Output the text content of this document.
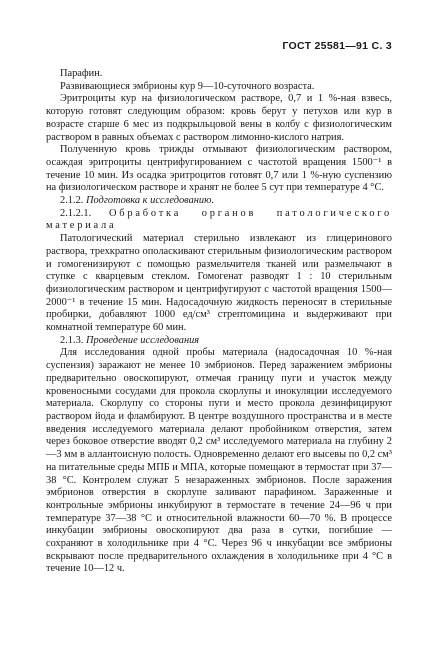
ГОСТ 25581—91 С. 3

Парафин.

Развивающиеся эмбрионы кур 9—10-суточного возраста.

Эритроциты кур на физиологическом растворе, 0,7 и 1 %-ная взвесь, которую готовят следующим образом: кровь берут у петухов или кур в возрасте старше 6 мес из подкрыльцовой вены в колбу с физиологическим раствором в равных объемах с раствором лимонно-кислого натрия.

Полученную кровь трижды отмывают физиологическим раствором, осаждая эритроциты центрифугированием с частотой вращения 1500⁻¹ в течение 10 мин. Из осадка эритроцитов готовят 0,7 или 1 %-ную суспензию на физиологическом растворе и хранят не более 5 сут при температуре 4 °С.

2.1.2. Подготовка к исследованию.

2.1.2.1. Обработка органов патологического материала

Патологический материал стерильно извлекают из глицеринового раствора, трехкратно ополаскивают стерильным физиологическим раствором и гомогенизируют с помощью размельчителя тканей или размельчают в ступке с кварцевым стеклом. Гомогенат разводят 1 : 10 стерильным физиологическим раствором и центрифугируют с частотой вращения 1500—2000⁻¹ в течение 15 мин. Надосадочную жидкость переносят в стерильные пробирки, добавляют 1000 ед/см³ стрептомицина и выдерживают при комнатной температуре 60 мин.

2.1.3. Проведение исследования

Для исследования одной пробы материала (надосадочная 10 %-ная суспензия) заражают не менее 10 эмбрионов. Перед заражением эмбрионы предварительно овоскопируют, отмечая границу пуги и участок между кровеносными сосудами для прокола скорлупы и инокуляции исследуемого материала. Скорлупу со стороны пуги и место прокола дезинфицируют раствором йода и фламбируют. В центре воздушного пространства и в месте введения исследуемого материала делают пробойником отверстия, затем через боковое отверстие вводят 0,2 см³ исследуемого материала на глубину 2—3 мм в аллантоисную полость. Одновременно делают его высевы по 0,2 см³ на питательные среды МПБ и МПА, которые помещают в термостат при 37—38 °С. Контролем служат 5 незараженных эмбрионов. После заражения эмбрионов отверстия в скорлупе заливают парафином. Зараженные и контрольные эмбрионы инкубируют в термостате в течение 24—96 ч при температуре 37—38 °С и относительной влажности 60—70 %. В процессе инкубации эмбрионы овоскопируют два раза в сутки, погибшие — сохраняют в холодильнике при 4 °С. Через 96 ч инкубации все эмбрионы вскрывают после предварительного охлаждения в холодильнике при 4 °С в течение 10—12 ч.
